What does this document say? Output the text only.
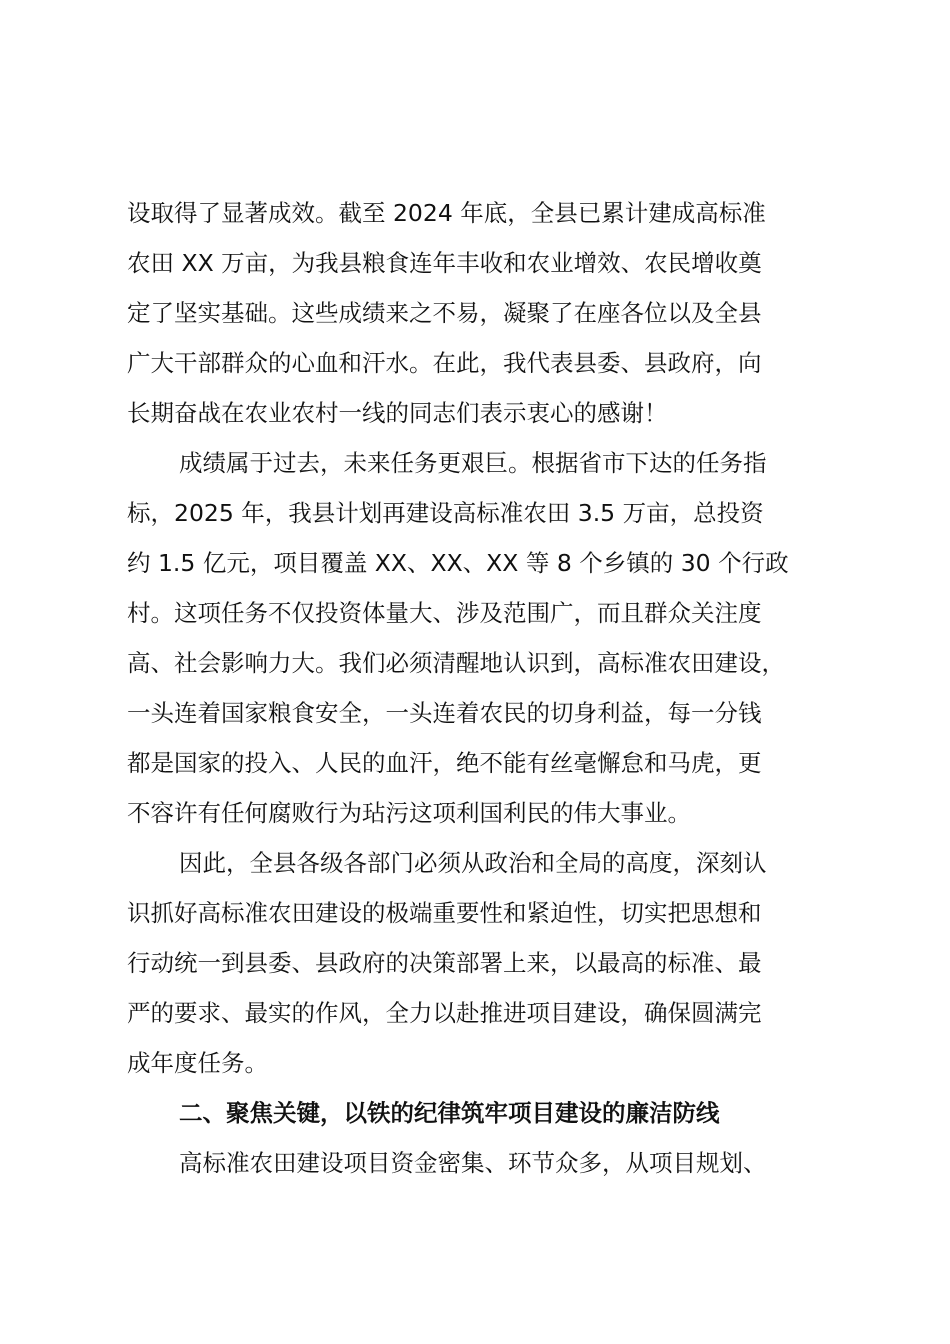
设取得了显著成效。截至 2024 年底，全县已累计建成高标准
农田 XX 万亩，为我县粮食连年丰收和农业增效、农民增收奠
定了坚实基础。这些成绩来之不易，凝聚了在座各位以及全县
广大干部群众的心血和汗水。在此，我代表县委、县政府，向
长期奋战在农业农村一线的同志们表示衷心的感谢！
成绩属于过去，未来任务更艰巨。根据省市下达的任务指
标，2025 年，我县计划再建设高标准农田 3.5 万亩，总投资
约 1.5 亿元，项目覆盖 XX、XX、XX 等 8 个乡镇的 30 个行政
村。这项任务不仅投资体量大、涉及范围广，而且群众关注度
高、社会影响力大。我们必须清醒地认识到，高标准农田建设，
一头连着国家粮食安全，一头连着农民的切身利益，每一分钱
都是国家的投入、人民的血汗，绝不能有丝毫懈怠和马虎，更
不容许有任何腐败行为玷污这项利国利民的伟大事业。
因此，全县各级各部门必须从政治和全局的高度，深刻认
识抓好高标准农田建设的极端重要性和紧迫性，切实把思想和
行动统一到县委、县政府的决策部署上来，以最高的标准、最
严的要求、最实的作风，全力以赴推进项目建设，确保圆满完
成年度任务。
二、聚焦关键，以铁的纪律筑牢项目建设的廉洁防线
高标准农田建设项目资金密集、环节众多，从项目规划、
